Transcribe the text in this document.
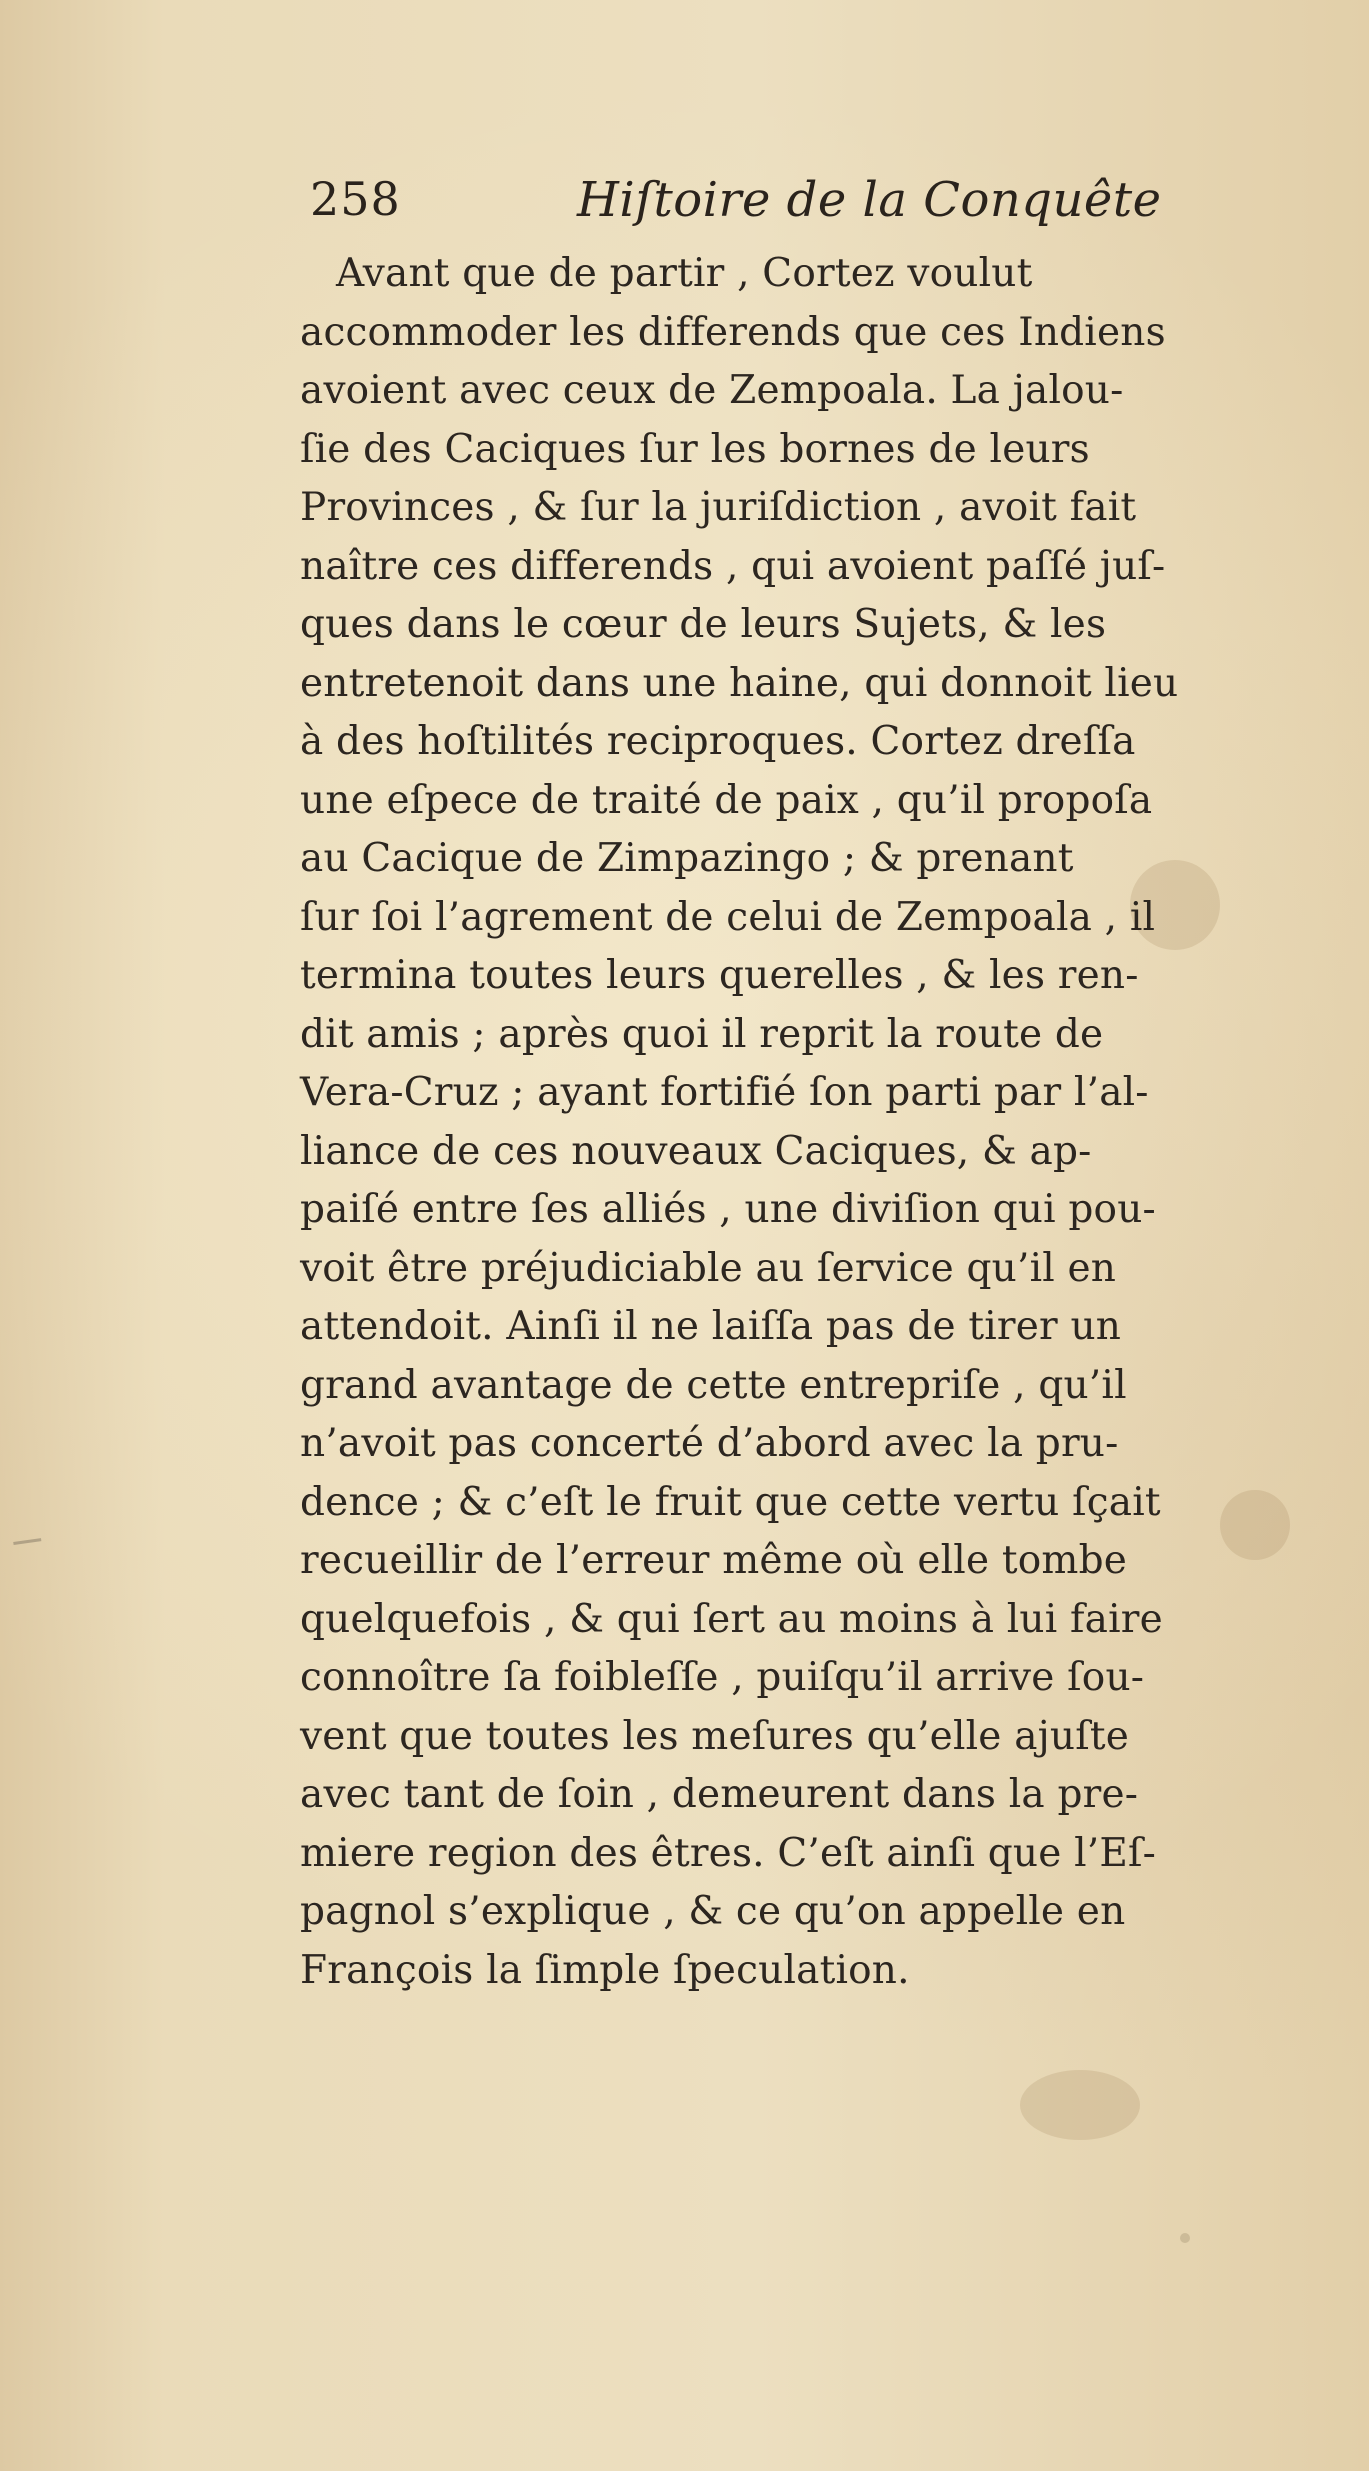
258	Hiſtoire de la Conquête
Avant que de partir , Cortez voulut
accommoder les differends que ces Indiens
avoient avec ceux de Zempoala. La jalou-
ſie des Caciques ſur les bornes de leurs
Provinces , & ſur la juriſdiction , avoit fait
naître ces differends , qui avoient paſſé juſ-
ques dans le cœur de leurs Sujets, & les
entretenoit dans une haine, qui donnoit lieu
à des hoſtilités reciproques. Cortez dreſſa
une eſpece de traité de paix , qu’il propoſa
au Cacique de Zimpazingo ; & prenant
ſur ſoi l’agrement de celui de Zempoala , il
termina toutes leurs querelles , & les ren-
dit amis ; après quoi il reprit la route de
Vera-Cruz ; ayant fortifié ſon parti par l’al-
liance de ces nouveaux Caciques, & ap-
paiſé entre ſes alliés , une diviſion qui pou-
voit être préjudiciable au ſervice qu’il en
attendoit. Ainſi il ne laiſſa pas de tirer un
grand avantage de cette entrepriſe , qu’il
n’avoit pas concerté d’abord avec la pru-
dence ; & c’eſt le fruit que cette vertu ſçait
recueillir de l’erreur même où elle tombe
quelquefois , & qui ſert au moins à lui faire
connoître ſa foibleſſe , puiſqu’il arrive ſou-
vent que toutes les meſures qu’elle ajuſte
avec tant de ſoin , demeurent dans la pre-
miere region des êtres. C’eſt ainſi que l’Eſ-
pagnol s’explique , & ce qu’on appelle en
François la ſimple ſpeculation.
